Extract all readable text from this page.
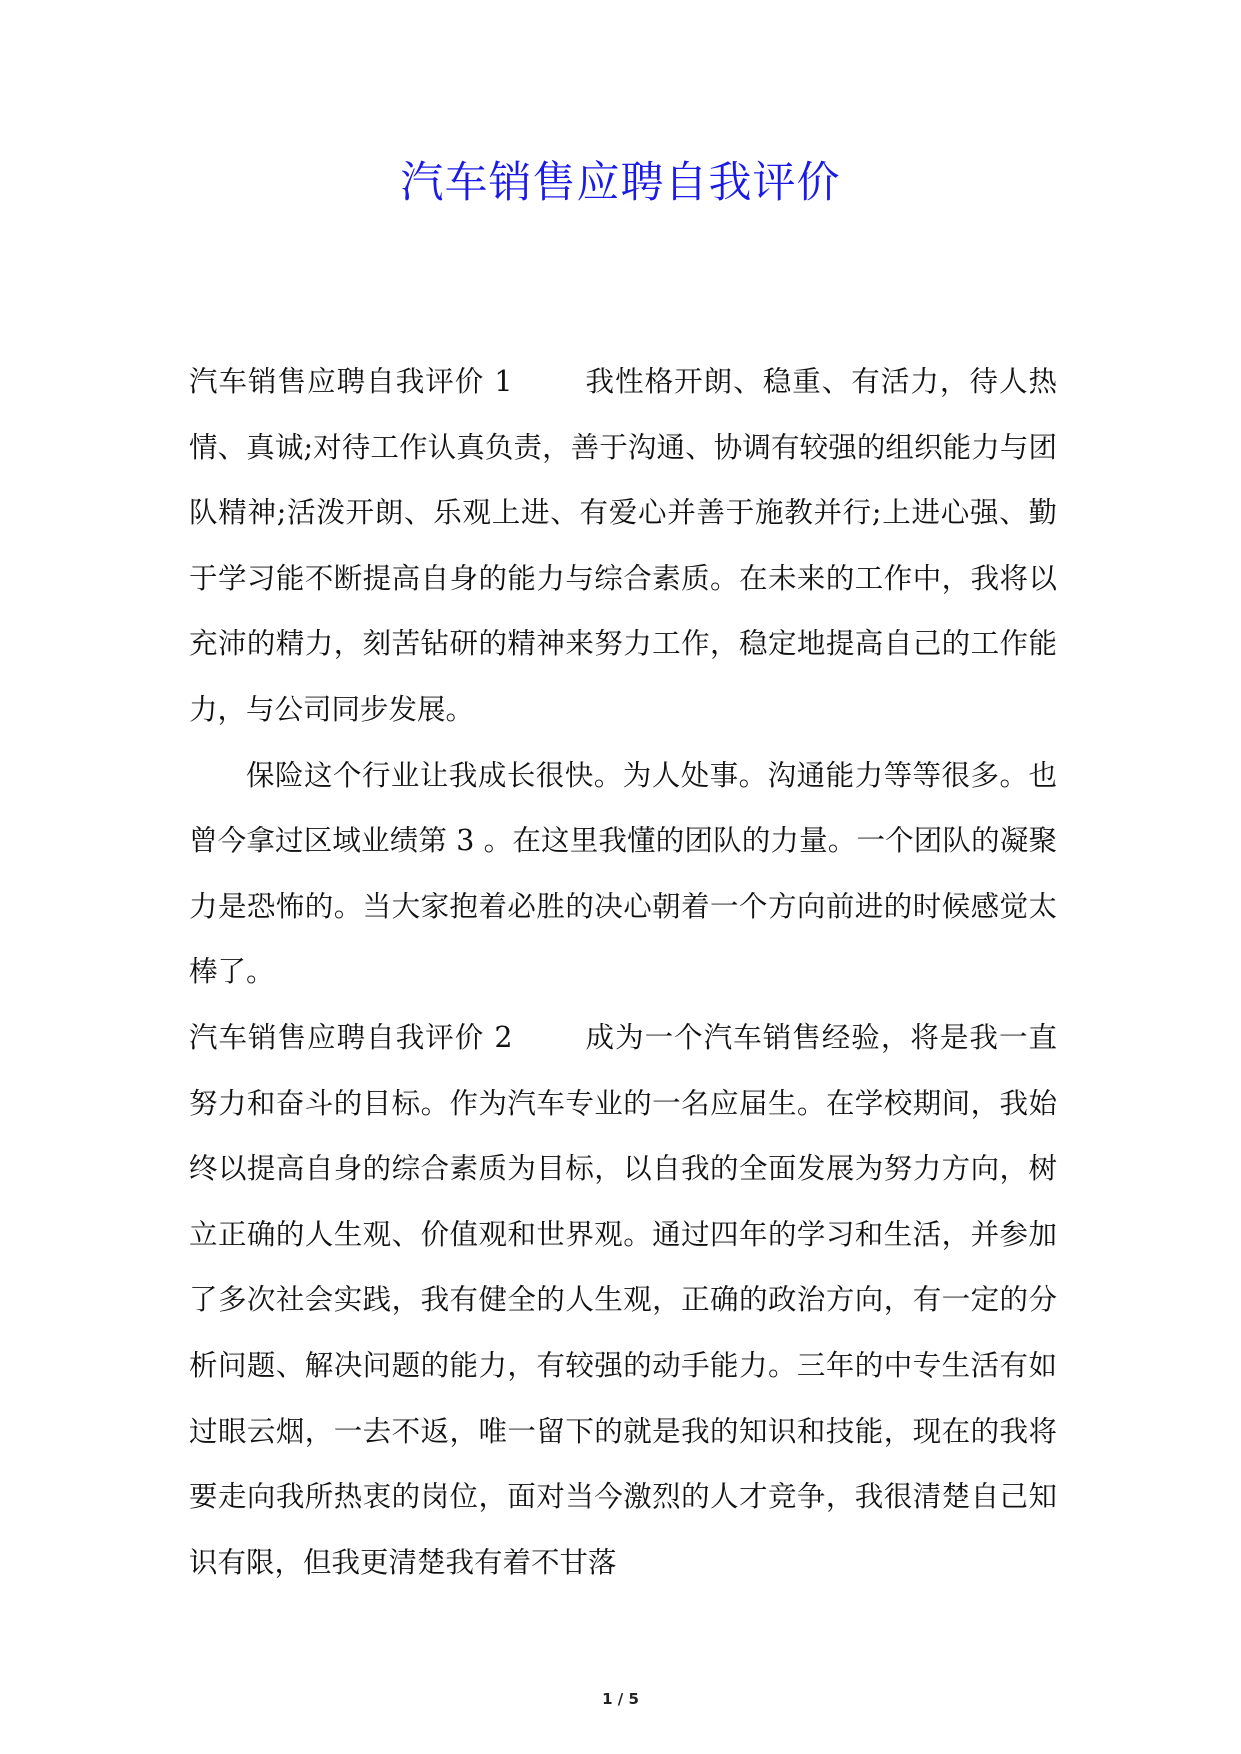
汽车销售应聘自我评价

汽车销售应聘自我评价 1	我性格开朗、稳重、有活力，待人热情、真诚;对待工作认真负责，善于沟通、协调有较强的组织能力与团队精神;活泼开朗、乐观上进、有爱心并善于施教并行;上进心强、勤于学习能不断提高自身的能力与综合素质。在未来的工作中，我将以充沛的精力，刻苦钻研的精神来努力工作，稳定地提高自己的工作能力，与公司同步发展。

保险这个行业让我成长很快。为人处事。沟通能力等等很多。也曾今拿过区域业绩第 3 。在这里我懂的团队的力量。一个团队的凝聚力是恐怖的。当大家抱着必胜的决心朝着一个方向前进的时候感觉太棒了。

汽车销售应聘自我评价 2	成为一个汽车销售经验，将是我一直努力和奋斗的目标。作为汽车专业的一名应届生。在学校期间，我始终以提高自身的综合素质为目标，以自我的全面发展为努力方向，树立正确的人生观、价值观和世界观。通过四年的学习和生活，并参加了多次社会实践，我有健全的人生观，正确的政治方向，有一定的分析问题、解决问题的能力，有较强的动手能力。三年的中专生活有如过眼云烟，一去不返，唯一留下的就是我的知识和技能，现在的我将要走向我所热衷的岗位，面对当今激烈的人才竞争，我很清楚自己知识有限，但我更清楚我有着不甘落

1 / 5
